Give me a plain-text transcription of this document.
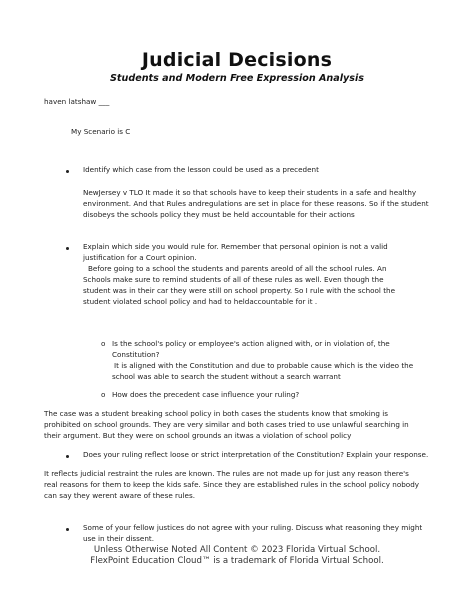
Judicial Decisions
Students and Modern Free Expression Analysis
haven latshaw ___
My Scenario is C
Identify which case from the lesson could be used as a precedent
NewJersey v TLO It made it so that schools have to keep their students in a safe and healthy
environment. And that Rules andregulations are set in place for these reasons. So if the student
disobeys the schools policy they must be held accountable for their actions
Explain which side you would rule for. Remember that personal opinion is not a valid
justification for a Court opinion.
Before going to a school the students and parents areold of all the school rules. An
Schools make sure to remind students of all of these rules as well. Even though the
student was in their car they were still on school property. So I rule with the school the
student violated school policy and had to heldaccountable for it .
o Is the school's policy or employee's action aligned with, or in violation of, the
Constitution?
It is aligned with the Constitution and due to probable cause which is the video the
school was able to search the student without a search warrant
o How does the precedent case influence your ruling?
The case was a student breaking school policy in both cases the students know that smoking is
prohibited on school grounds. They are very similar and both cases tried to use unlawful searching in
their argument. But they were on school grounds an itwas a violation of school policy
Does your ruling reflect loose or strict interpretation of the Constitution? Explain your response.
It reflects judicial restraint the rules are known. The rules are not made up for just any reason there's
real reasons for them to keep the kids safe. Since they are established rules in the school policy nobody
can say they werent aware of these rules.
Some of your fellow justices do not agree with your ruling. Discuss what reasoning they might
use in their dissent.
Unless Otherwise Noted All Content © 2023 Florida Virtual School.
FlexPoint Education Cloud™ is a trademark of Florida Virtual School.
